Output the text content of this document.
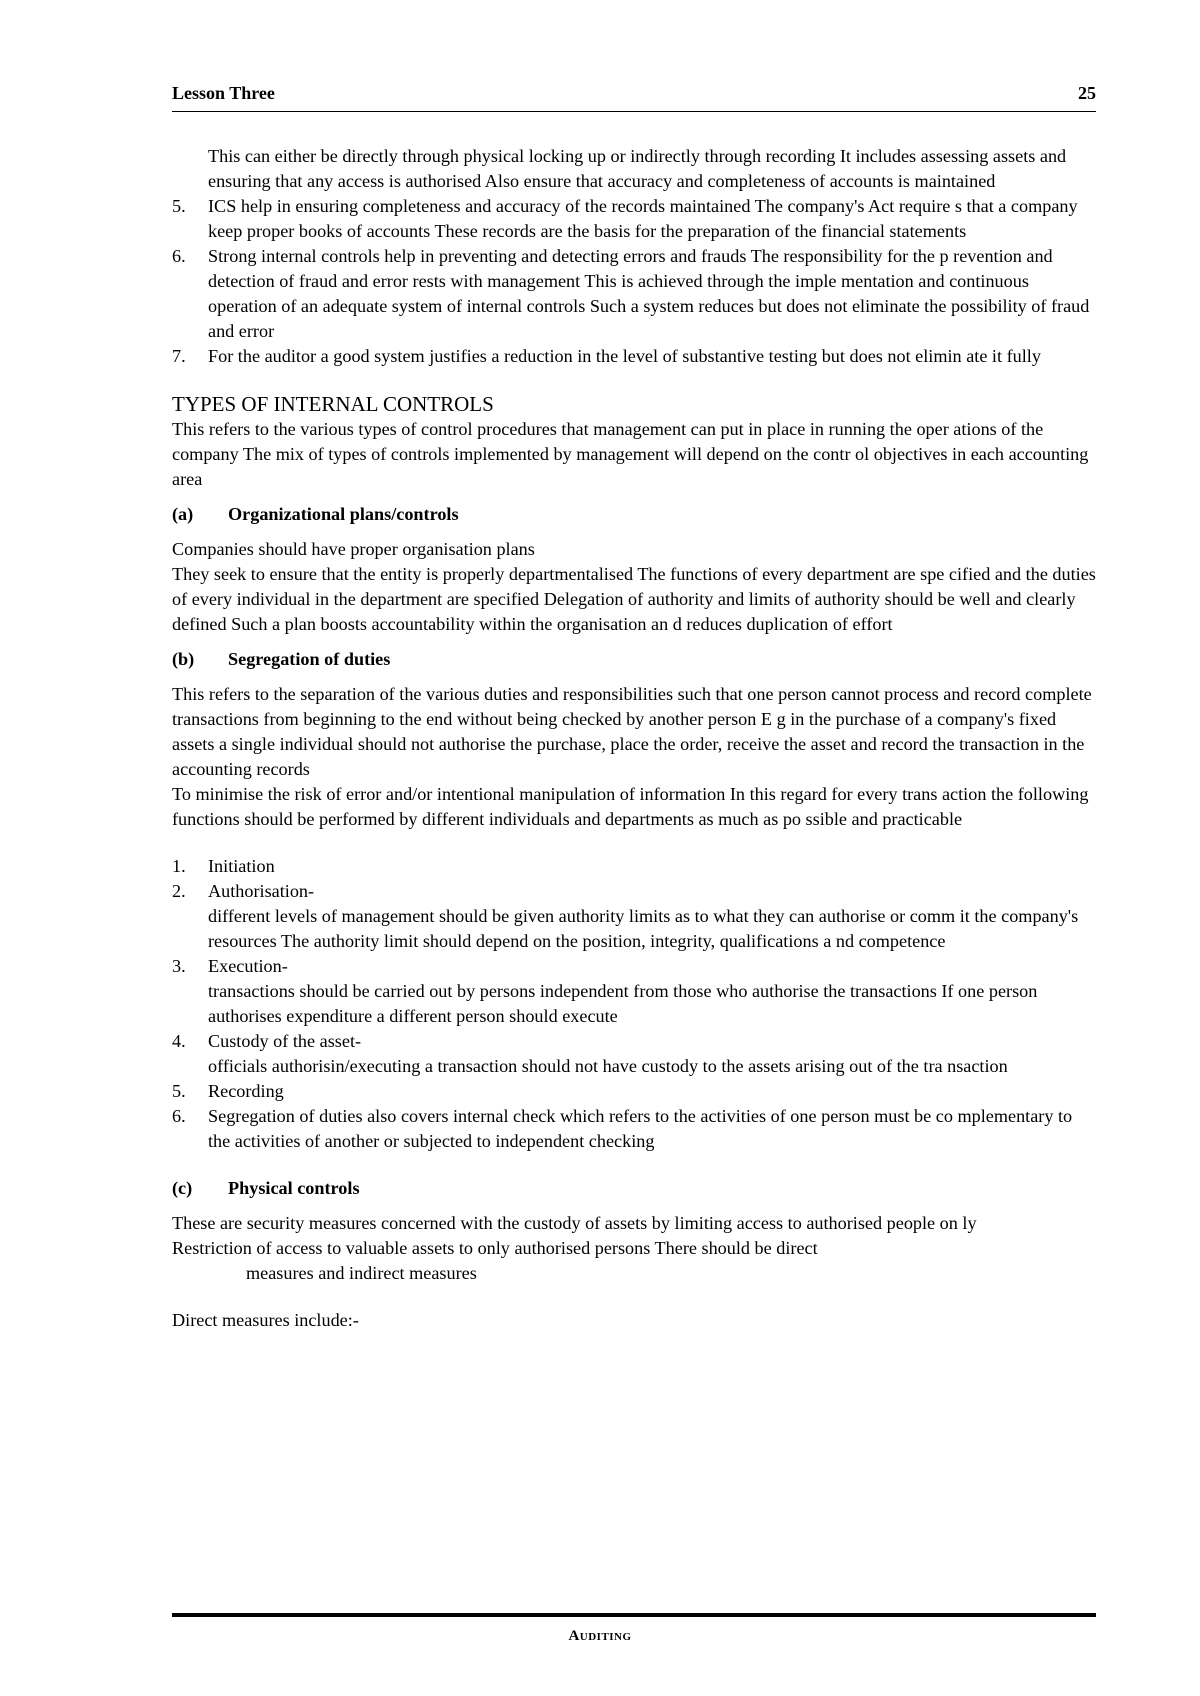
Lesson Three	25

This can either be directly through physical locking up or indirectly through recording It includes assessing assets and ensuring that any access is authorised Also ensure that accuracy and completeness of accounts is maintained

5.	ICS help in ensuring completeness and accuracy of the records maintained The company's Act require s that a company keep proper books of accounts These records are the basis for the preparation of the financial statements
6.	Strong internal controls help in preventing and detecting errors and frauds The responsibility for the p revention and detection of fraud and error rests with management This is achieved through the imple mentation and continuous operation of an adequate system of internal controls Such a system reduces but does not eliminate the possibility of fraud and error
7.	For the auditor a good system justifies a reduction in the level of substantive testing but does not elimin ate it fully
TYPES OF INTERNAL CONTROLS

This refers to the various types of control procedures that management can put in place in running the oper ations of the company The mix of types of controls implemented by management will depend on the contr ol objectives in each accounting area

(a)	Organizational plans/controls

Companies should have proper organisation plans

They seek to ensure that the entity is properly departmentalised The functions of every department are spe cified and the duties of every individual in the department are specified Delegation of authority and limits of authority should be well and clearly defined Such a plan boosts accountability within the organisation an d reduces duplication of effort

(b)	Segregation of duties

This refers to the separation of the various duties and responsibilities such that one person cannot process and record complete transactions from beginning to the end without being checked by another person E g in the purchase of a company's fixed assets a single individual should not authorise the purchase, place the order, receive the asset and record the transaction in the accounting records

To minimise the risk of error and/or intentional manipulation of information In this regard for every trans action the following functions should be performed by different individuals and departments as much as po ssible and practicable

1.	Initiation
2.	Authorisation-

different levels of management should be given authority limits as to what they can authorise or comm it the company's resources The authority limit should depend on the position, integrity, qualifications a nd competence

3.	Execution-

transactions should be carried out by persons independent from those who authorise the transactions If one person authorises expenditure a different person should execute

4.	Custody of the asset-

officials authorisin/executing a transaction should not have custody to the assets arising out of the tra nsaction

5.	Recording
6.	Segregation of duties also covers internal check which refers to the activities of one person must be co mplementary to the activities of another or subjected to independent checking
(c)	Physical controls

These are security measures concerned with the custody of assets by limiting access to authorised people on ly

Restriction of access to valuable assets to only authorised persons There should be direct

measures and indirect measures

Direct measures include:-

Auditing
